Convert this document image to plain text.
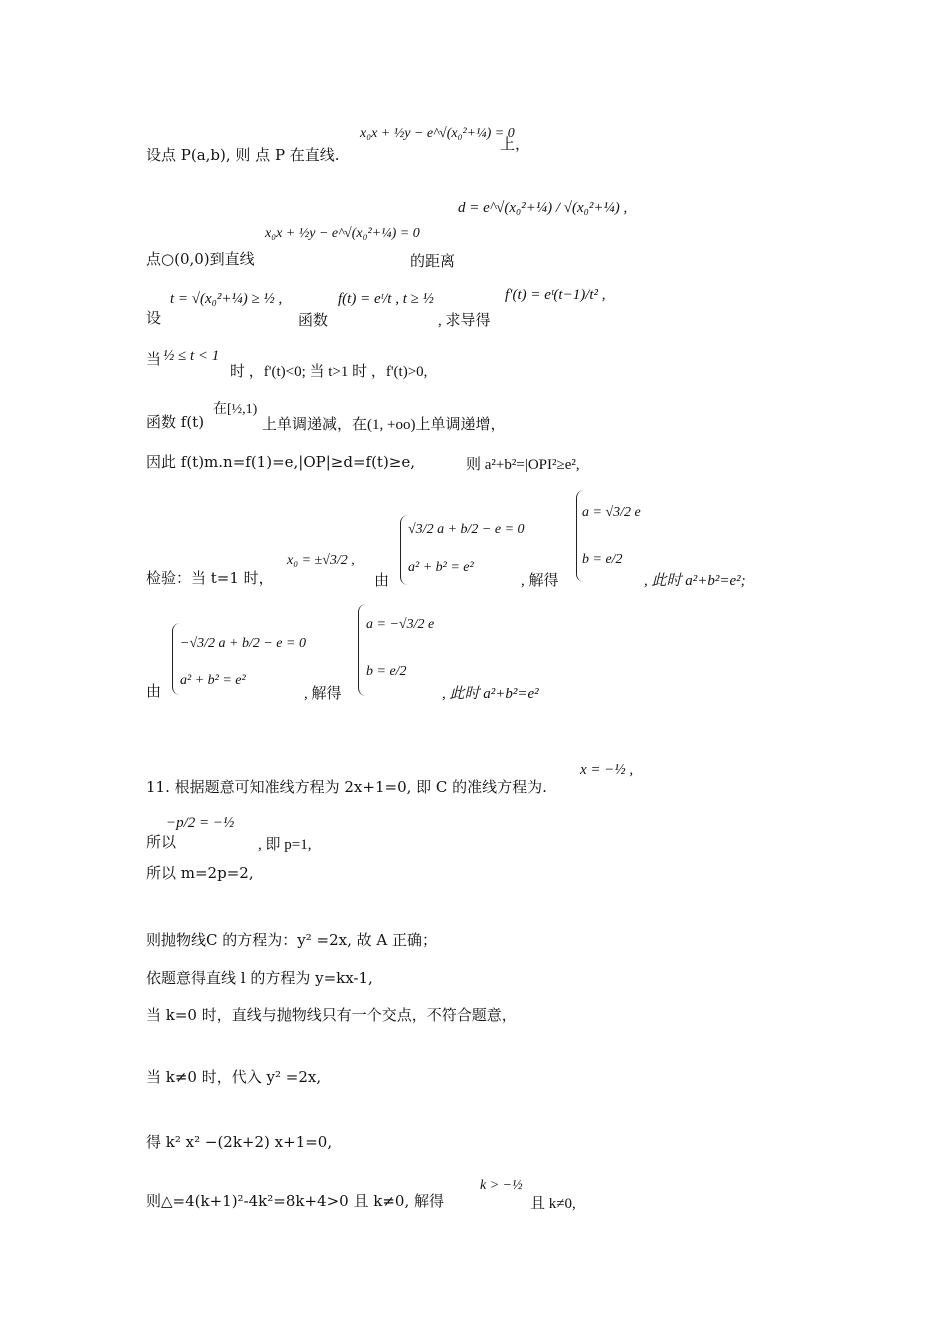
设点 P(a,b), 则 点 P 在直线.
x₀x + ½y − e^√(x₀²+¼) = 0
上，
点○(0,0)到直线
x₀x + ½y − e^√(x₀²+¼) = 0
的距离
d = e^√(x₀²+¼) / √(x₀²+¼) ,
设
t = √(x₀²+¼) ≥ ½ ,
函数
f(t) = eᵗ/t , t ≥ ½
, 求导得
f′(t) = eᵗ(t−1)/t² ,
当 ½ ≤ t < 1
时 ，f'(t)<0; 当 t>1 时 ，f'(t)>0,
函数 f(t)
在[½,1)
上单调递减，在(1, +oo)上单调递增，
因此 f(t)m.n=f(1)=e,|OP|≥d=f(t)≥e,	则 a²+b²=|OPI²≥e²,
检验：当 t=1 时，
x₀ = ±√3/2 ,
由
√3/2 a + b/2 − e = 0
a² + b² = e²
, 解得
a = √3/2 e
b = e/2
, 此时 a²+b²=e²;
由
−√3/2 a + b/2 − e = 0
a² + b² = e²
, 解得
a = −√3/2 e
b = e/2
, 此时 a²+b²=e²
11. 根据题意可知准线方程为 2x+1=0, 即 C 的准线方程为.
x = −½ ,
所以
−p/2 = −½
, 即 p=1,
所以 m=2p=2,
则抛物线C 的方程为：y² =2x, 故 A 正确；
依题意得直线 l 的方程为 y=kx-1,
当 k=0 时，直线与抛物线只有一个交点，不符合题意，
当 k≠0 时，代入 y² =2x,
得 k² x² −(2k+2) x+1=0,
则△=4(k+1)²-4k²=8k+4>0 且 k≠0, 解得
k > −½
且 k≠0,
